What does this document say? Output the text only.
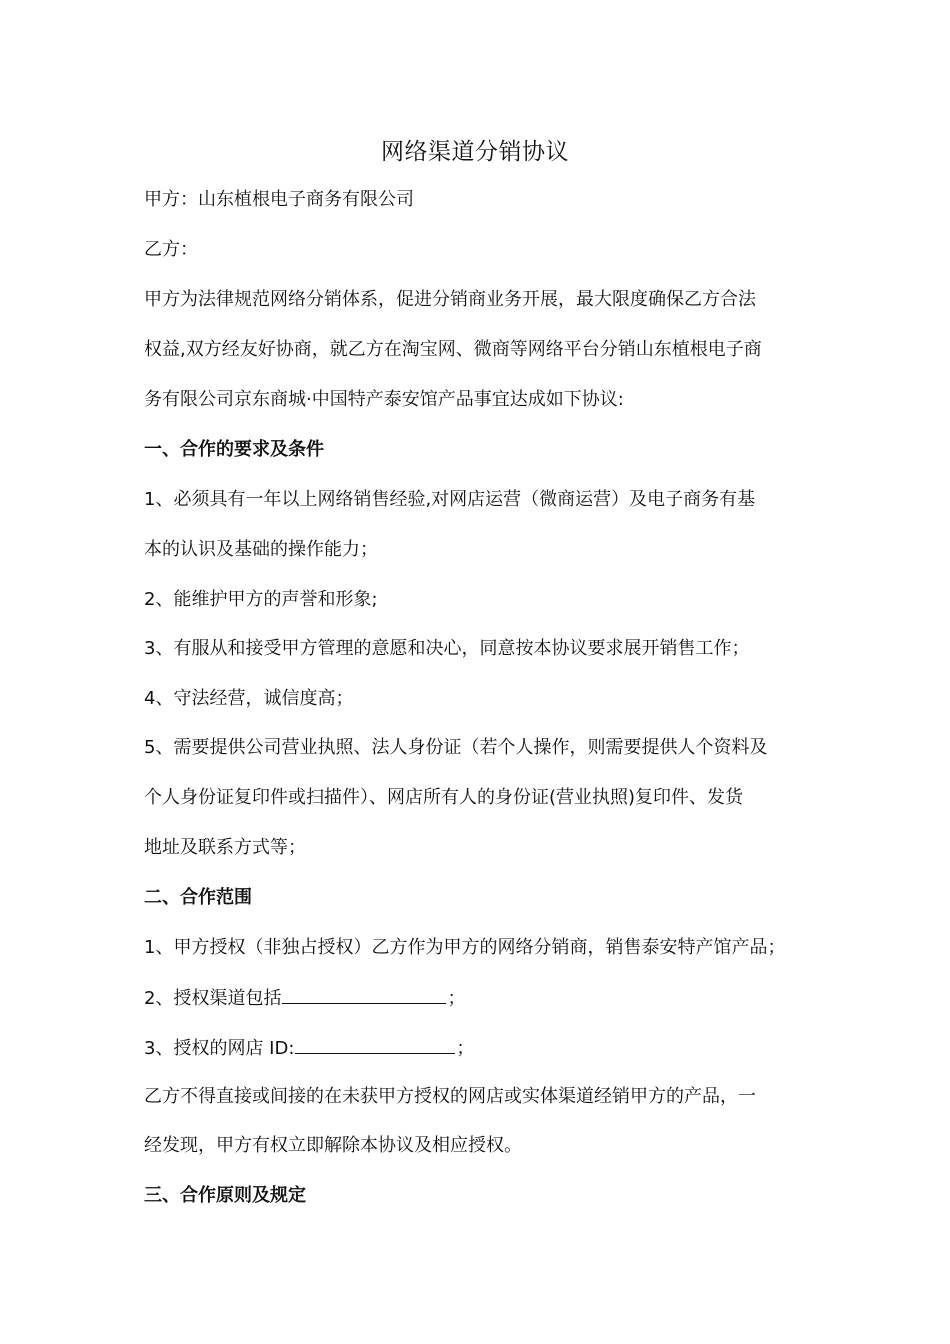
网络渠道分销协议
甲方：山东植根电子商务有限公司
乙方：
甲方为法律规范网络分销体系，促进分销商业务开展，最大限度确保乙方合法
权益,双方经友好协商，就乙方在淘宝网、微商等网络平台分销山东植根电子商
务有限公司京东商城·中国特产泰安馆产品事宜达成如下协议:
一、合作的要求及条件
1、必须具有一年以上网络销售经验,对网店运营（微商运营）及电子商务有基
本的认识及基础的操作能力；
2、能维护甲方的声誉和形象;
3、有服从和接受甲方管理的意愿和决心，同意按本协议要求展开销售工作；
4、守法经营，诚信度高；
5、需要提供公司营业执照、法人身份证（若个人操作，则需要提供人个资料及
个人身份证复印件或扫描件）、网店所有人的身份证(营业执照)复印件、发货
地址及联系方式等；
二、合作范围
1、甲方授权（非独占授权）乙方作为甲方的网络分销商，销售泰安特产馆产品；
2、授权渠道包括	；
3、授权的网店 ID:	；
乙方不得直接或间接的在未获甲方授权的网店或实体渠道经销甲方的产品，一
经发现，甲方有权立即解除本协议及相应授权。
三、合作原则及规定
